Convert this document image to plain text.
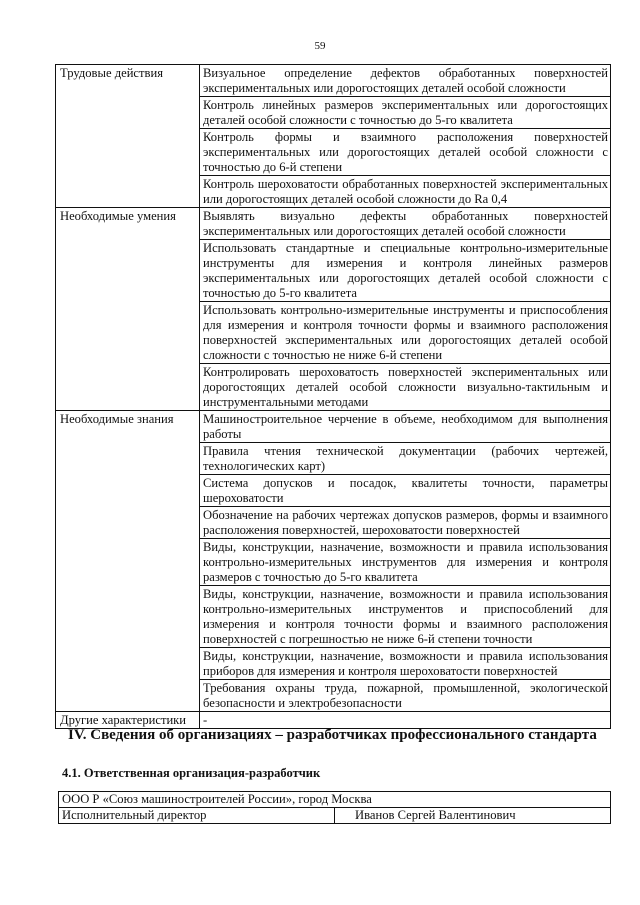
59
Трудовые действия	Визуальное определение дефектов обработанных поверхностей экспериментальных или дорогостоящих деталей особой сложности
	Контроль линейных размеров экспериментальных или дорогостоящих деталей особой сложности с точностью до 5-го квалитета
	Контроль формы и взаимного расположения поверхностей экспериментальных или дорогостоящих деталей особой сложности с точностью до 6-й степени
	Контроль шероховатости обработанных поверхностей экспериментальных или дорогостоящих деталей особой сложности до Ra 0,4
Необходимые умения	Выявлять визуально дефекты обработанных поверхностей экспериментальных или дорогостоящих деталей особой сложности
	Использовать стандартные и специальные контрольно-измерительные инструменты для измерения и контроля линейных размеров экспериментальных или дорогостоящих деталей особой сложности с точностью до 5-го квалитета
	Использовать контрольно-измерительные инструменты и приспособления для измерения и контроля точности формы и взаимного расположения поверхностей экспериментальных или дорогостоящих деталей особой сложности с точностью не ниже 6-й степени
	Контролировать шероховатость поверхностей экспериментальных или дорогостоящих деталей особой сложности визуально-тактильным и инструментальными методами
Необходимые знания	Машиностроительное черчение в объеме, необходимом для выполнения работы
	Правила чтения технической документации (рабочих чертежей, технологических карт)
	Система допусков и посадок, квалитеты точности, параметры шероховатости
	Обозначение на рабочих чертежах допусков размеров, формы и взаимного расположения поверхностей, шероховатости поверхностей
	Виды, конструкции, назначение, возможности и правила использования контрольно-измерительных инструментов для измерения и контроля размеров с точностью до 5-го квалитета
	Виды, конструкции, назначение, возможности и правила использования контрольно-измерительных инструментов и приспособлений для измерения и контроля точности формы и взаимного расположения поверхностей с погрешностью не ниже 6-й степени точности
	Виды, конструкции, назначение, возможности и правила использования приборов для измерения и контроля шероховатости поверхностей
	Требования охраны труда, пожарной, промышленной, экологической безопасности и электробезопасности
Другие характеристики	-
IV. Сведения об организациях – разработчиках профессионального стандарта
4.1. Ответственная организация-разработчик
ООО Р «Союз машиностроителей России», город Москва
Исполнительный директор	Иванов Сергей Валентинович
